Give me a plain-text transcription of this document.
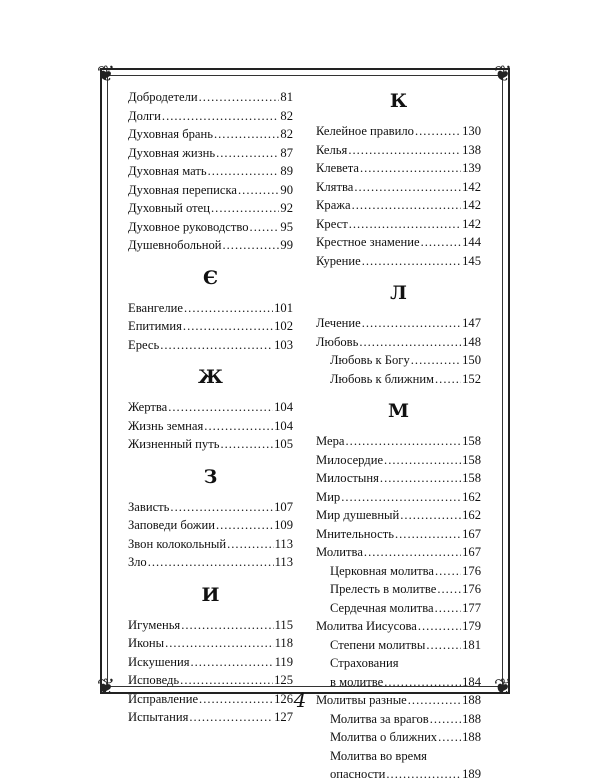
❦	❦
❦	❦
Добродетели .....	81
Долги .....	82
Духовная брань .....	82
Духовная жизнь .....	87
Духовная мать .....	89
Духовная переписка .....	90
Духовный отец .....	92
Духовное руководство .....	95
Душевнобольной .....	99
Є
Евангелие .....	101
Епитимия .....	102
Ересь .....	103
Ж
Жертва .....	104
Жизнь земная .....	104
Жизненный путь .....	105
З
Зависть .....	107
Заповеди божии .....	109
Звон колокольный .....	113
Зло .....	113
И
Игуменья .....	115
Иконы .....	118
Искушения .....	119
Исповедь .....	125
Исправление .....	126
Испытания .....	127
К
Келейное правило .....	130
Келья .....	138
Клевета .....	139
Клятва .....	142
Кража .....	142
Крест .....	142
Крестное знамение .....	144
Курение .....	145
Л
Лечение .....	147
Любовь .....	148
Любовь к Богу .....	150
Любовь к ближним ..... 152
М
Мера .....	158
Милосердие .....	158
Милостыня .....	158
Мир .....	162
Мир душевный .....	162
Мнительность .....	167
Молитва .....	167
Церковная молитва ..... 176
Прелесть в молитве ..... 176
Сердечная молитва ..... 177
Молитва Иисусова .....	179
Степени молитвы .....	181
Страхования
в молитве .....	184
Молитвы разные .....	188
Молитва за врагов .....	188
Молитва о ближних ..... 188
Молитва во время
опасности .....	189
4
